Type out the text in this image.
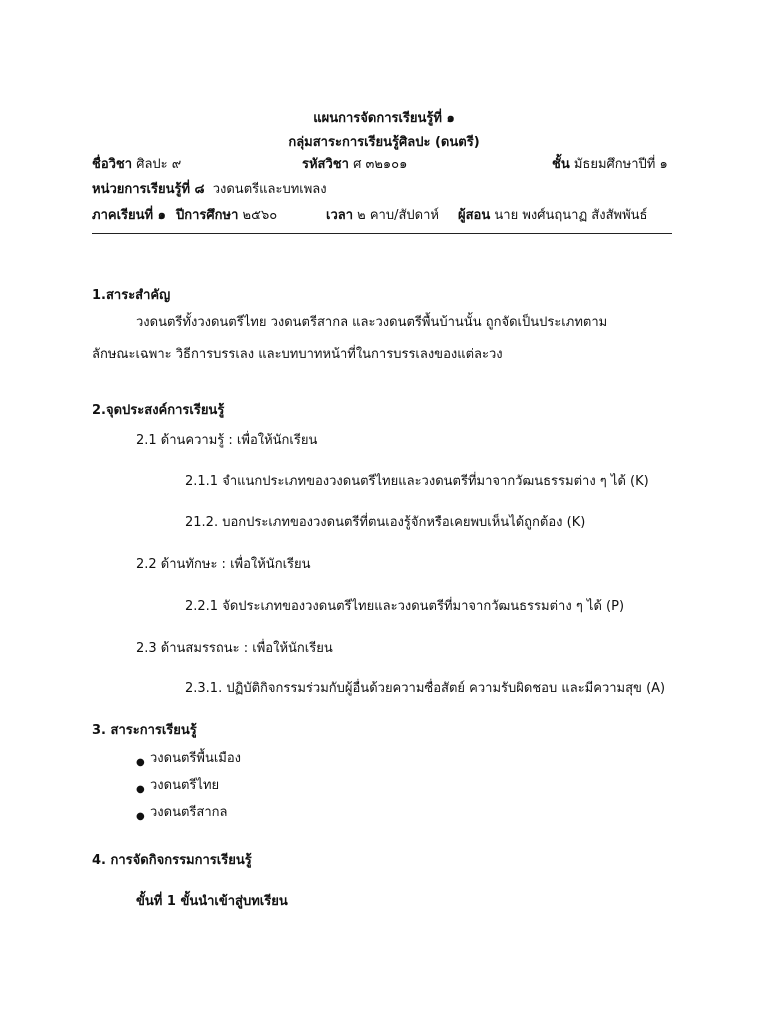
แผนการจัดการเรียนรู้ที่ ๑
กลุ่มสาระการเรียนรู้ศิลปะ (ดนตรี)
ชื่อวิชา ศิลปะ ๙	รหัสวิชา ศ ๓๒๑๐๑	ชั้น มัธยมศึกษาปีที่ ๑
หน่วยการเรียนรู้ที่ ๘ วงดนตรีและบทเพลง
ภาคเรียนที่ ๑ ปีการศึกษา ๒๕๖๐	เวลา ๒ คาบ/สัปดาห์ ผู้สอน นาย พงศ์นฤนาฏ สังสัพพันธ์
1.สาระสำคัญ
วงดนตรีทั้งวงดนตรีไทย วงดนตรีสากล และวงดนตรีพื้นบ้านนั้น ถูกจัดเป็นประเภทตาม
ลักษณะเฉพาะ วิธีการบรรเลง และบทบาทหน้าที่ในการบรรเลงของแต่ละวง
2.จุดประสงค์การเรียนรู้
2.1 ด้านความรู้ : เพื่อให้นักเรียน
2.1.1 จำแนกประเภทของวงดนตรีไทยและวงดนตรีที่มาจากวัฒนธรรมต่าง ๆ ได้ (K)
21.2. บอกประเภทของวงดนตรีที่ตนเองรู้จักหรือเคยพบเห็นได้ถูกต้อง (K)
2.2 ด้านทักษะ : เพื่อให้นักเรียน
2.2.1 จัดประเภทของวงดนตรีไทยและวงดนตรีที่มาจากวัฒนธรรมต่าง ๆ ได้ (P)
2.3 ด้านสมรรถนะ : เพื่อให้นักเรียน
2.3.1. ปฏิบัติกิจกรรมร่วมกับผู้อื่นด้วยความซื่อสัตย์ ความรับผิดชอบ และมีความสุข (A)
3. สาระการเรียนรู้
● วงดนตรีพื้นเมือง
● วงดนตรีไทย
● วงดนตรีสากล
4. การจัดกิจกรรมการเรียนรู้
ขั้นที่ 1 ขั้นนำเข้าสู่บทเรียน
